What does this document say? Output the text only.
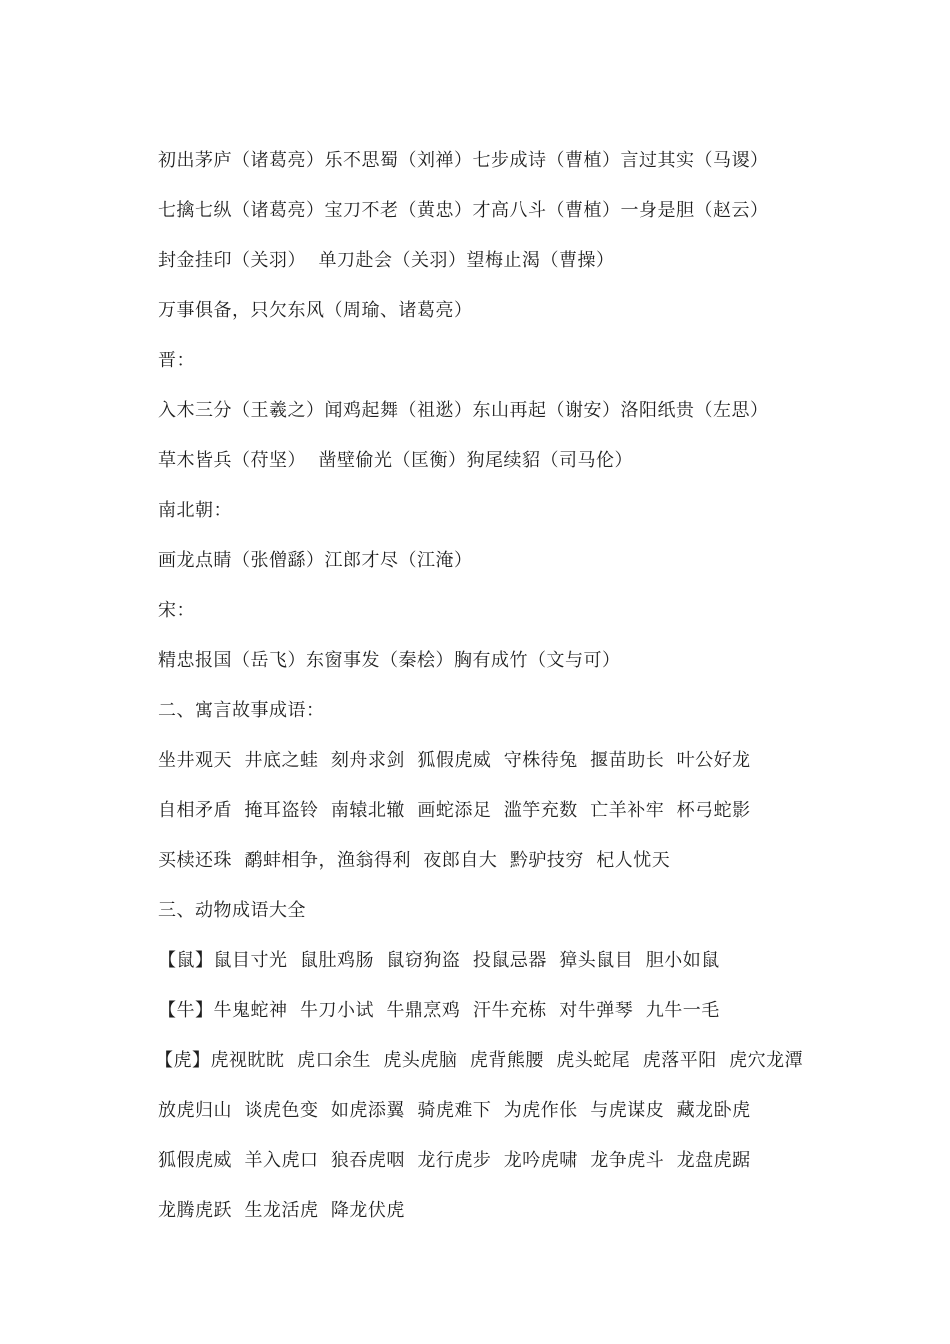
初出茅庐（诸葛亮）乐不思蜀（刘禅）七步成诗（曹植）言过其实（马谡）
七擒七纵（诸葛亮）宝刀不老（黄忠）才高八斗（曹植）一身是胆（赵云）
封金挂印（关羽）  单刀赴会（关羽）望梅止渴（曹操）
万事俱备，只欠东风（周瑜、诸葛亮）
晋：
入木三分（王羲之）闻鸡起舞（祖逖）东山再起（谢安）洛阳纸贵（左思）
草木皆兵（苻坚）  凿壁偷光（匡衡）狗尾续貂（司马伦）
南北朝：
画龙点睛（张僧繇）江郎才尽（江淹）
宋：
精忠报国（岳飞）东窗事发（秦桧）胸有成竹（文与可）
二、寓言故事成语：
坐井观天  井底之蛙  刻舟求剑  狐假虎威  守株待兔  揠苗助长  叶公好龙
自相矛盾  掩耳盗铃  南辕北辙  画蛇添足  滥竽充数  亡羊补牢  杯弓蛇影
买椟还珠  鹬蚌相争，渔翁得利  夜郎自大  黔驴技穷  杞人忧天
三、动物成语大全
【鼠】鼠目寸光  鼠肚鸡肠  鼠窃狗盗  投鼠忌器  獐头鼠目  胆小如鼠
【牛】牛鬼蛇神  牛刀小试  牛鼎烹鸡  汗牛充栋  对牛弹琴  九牛一毛
【虎】虎视眈眈  虎口余生  虎头虎脑  虎背熊腰  虎头蛇尾  虎落平阳  虎穴龙潭
放虎归山  谈虎色变  如虎添翼  骑虎难下  为虎作伥  与虎谋皮  藏龙卧虎
狐假虎威  羊入虎口  狼吞虎咽  龙行虎步  龙吟虎啸  龙争虎斗  龙盘虎踞
龙腾虎跃  生龙活虎  降龙伏虎
